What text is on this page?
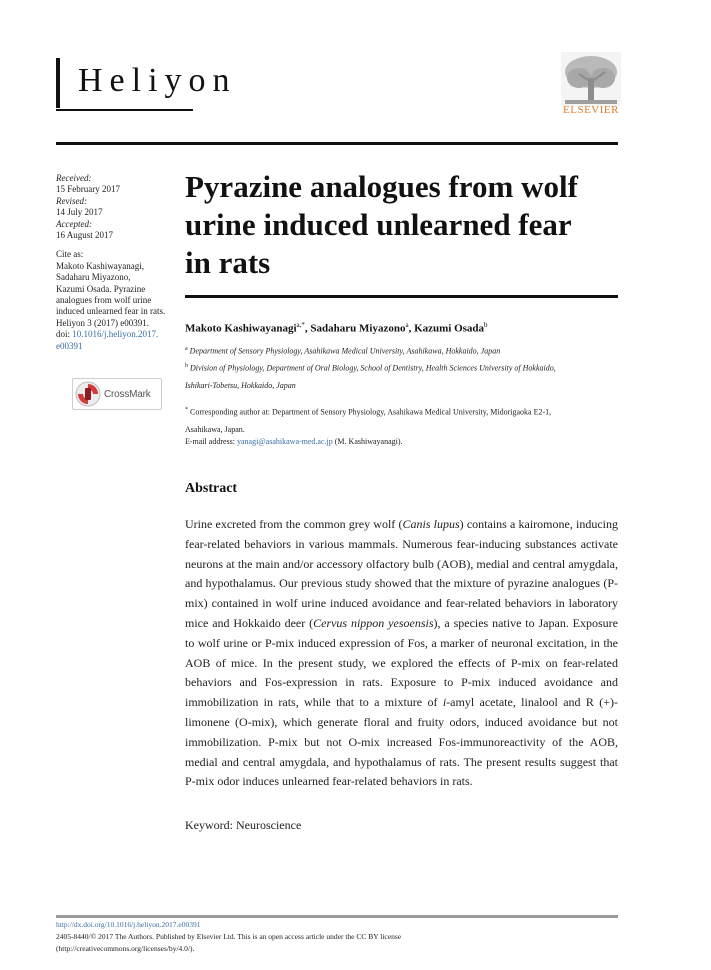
Heliyon
ELSEVIER
Received:
15 February 2017
Revised:
14 July 2017
Accepted:
16 August 2017
Cite as:
Makoto Kashiwayanagi,
Sadaharu Miyazono,
Kazumi Osada. Pyrazine
analogues from wolf urine
induced unlearned fear in rats.
Heliyon 3 (2017) e00391.
doi: 10.1016/j.heliyon.2017.
e00391
CrossMark
Pyrazine analogues from wolf
urine induced unlearned fear
in rats
Makoto Kashiwayanagi$^{a,*}$, Sadaharu Miyazono$^a$, Kazumi Osada$^b$
$^a$ Department of Sensory Physiology, Asahikawa Medical University, Asahikawa, Hokkaido, Japan
$^b$ Division of Physiology, Department of Oral Biology, School of Dentistry, Health Sciences University of Hokkaido,
Ishikari-Tobetsu, Hokkaido, Japan
* Corresponding author at: Department of Sensory Physiology, Asahikawa Medical University, Midorigaoka E2-1,
Asahikawa, Japan.
E-mail address: yanagi@asahikawa-med.ac.jp (M. Kashiwayanagi).
Abstract
Urine excreted from the common grey wolf (Canis lupus) contains a kairomone, inducing fear-related behaviors in various mammals. Numerous fear-inducing substances activate neurons at the main and/or accessory olfactory bulb (AOB), medial and central amygdala, and hypothalamus. Our previous study showed that the mixture of pyrazine analogues (P-mix) contained in wolf urine induced avoidance and fear-related behaviors in laboratory mice and Hokkaido deer (Cervus nippon yesoensis), a species native to Japan. Exposure to wolf urine or P-mix induced expression of Fos, a marker of neuronal excitation, in the AOB of mice. In the present study, we explored the effects of P-mix on fear-related behaviors and Fos-expression in rats. Exposure to P-mix induced avoidance and immobilization in rats, while that to a mixture of i-amyl acetate, linalool and R (+)-limonene (O-mix), which generate floral and fruity odors, induced avoidance but not immobilization. P-mix but not O-mix increased Fos-immunoreactivity of the AOB, medial and central amygdala, and hypothalamus of rats. The present results suggest that P-mix odor induces unlearned fear-related behaviors in rats.
Keyword: Neuroscience
http://dx.doi.org/10.1016/j.heliyon.2017.e00391
2405-8440/© 2017 The Authors. Published by Elsevier Ltd. This is an open access article under the CC BY license
(http://creativecommons.org/licenses/by/4.0/).
